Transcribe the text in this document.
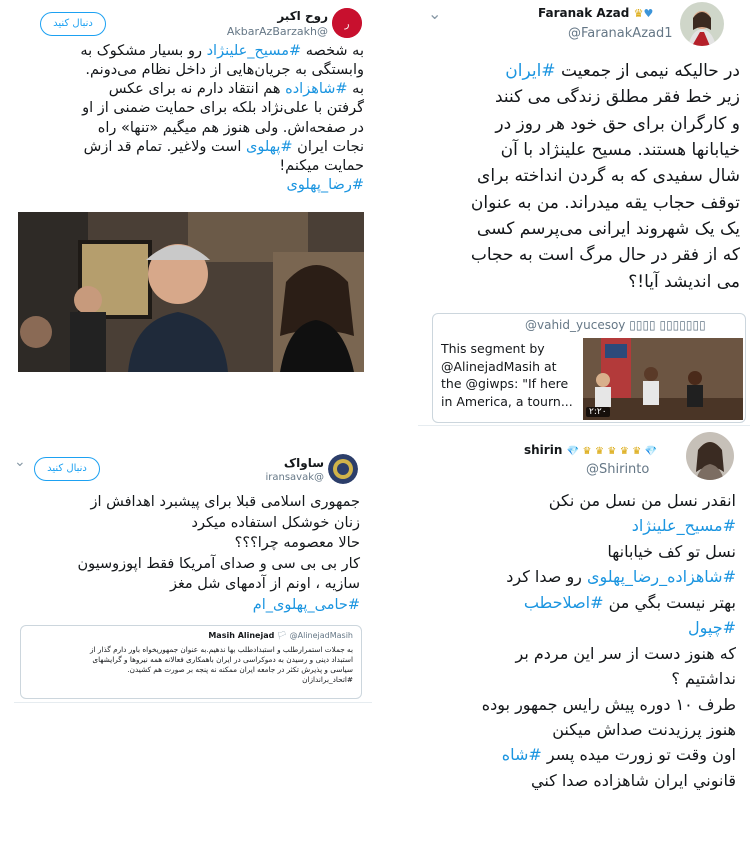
ر
روح اکبر
@AkbarAzBarzakh
دنبال کنید
به شخصه #مسیح_علینژاد رو بسیار مشکوک به
وابستگی به جریان‌هایی از داخل نظام می‌دونم.
به #شاهزاده هم انتقاد دارم نه برای عکس
گرفتن با علی‌نژاد بلکه برای حمایت ضمنی از او
در صفحه‌اش. ولی هنوز هم میگیم «تنها» راه
نجات ایران #پهلوی است ولاغیر. تمام قد ازش
حمایت میکنم!
#رضا_پهلوی
⌄	Faranak Azad ♛♥
@FaranakAzad1
در حالیکه نیمی از جمعیت #ایران
زیر خط فقر مطلق زندگی می کنند
و کارگران برای حق خود هر روز در
خیابانها هستند. مسیح علینژاد با آن
شال سفیدی که به گردن انداخته برای
توقف حجاب یقه میدراند. من به عنوان
یک یک شهروند ایرانی می‌پرسم کسی
که از فقر در حال مرگ است به حجاب
می اندیشد آیا!؟
@vahid_yucesoy ▯▯▯▯ ▯▯▯▯▯▯▯
This segment by
@AlinejadMasih at
the @giwps: "If here
in America, a tourn...
۲:۲۰
⌄	ساواک
@iransavak
دنبال کنید
جمهوری اسلامی قبلا برای پیشبرد اهدافش از
زنان خوشکل استفاده میکرد
حالا معصومه چرا؟؟؟
کار بی بی سی و صدای آمریکا فقط اپوزوسیون
سازیه ، اونم از آدمهای شل مغز
#حامی_پهلوی_ام
Masih Alinejad 🏳 @AlinejadMasih
به جملات استمرارطلب و استبدادطلب بها ندهیم.به عنوان جمهوریخواه باور دارم گذار از
استبداد دینی و رسیدن به دموکراسی در ایران باهمکاری فعالانه همه نیروها و گرایشهای
سیاسی و پذیرش تکثر در جامعه ایران ممکنه نه پنجه بر صورت هم کشیدن.
#اتحاد_براندازان
shirin 💎 ♛ ♛ ♛ ♛ ♛ 💎
@Shirinto
انقدر نسل من نسل من نکن
#مسیح_علینژاد
نسل تو کف خیابانها
#شاهزاده_رضا_پهلوی رو صدا کرد
بهتر نیست بگي من #اصلاحطب
#چپول
که هنوز دست از سر این مردم بر
نداشتیم ؟
طرف ۱۰ دوره پیش رایس جمهور بوده
هنوز پرزیدنت صداش میکنن
اون وقت تو زورت میده پسر #شاه
قانوني ایران شاهزاده صدا کني
